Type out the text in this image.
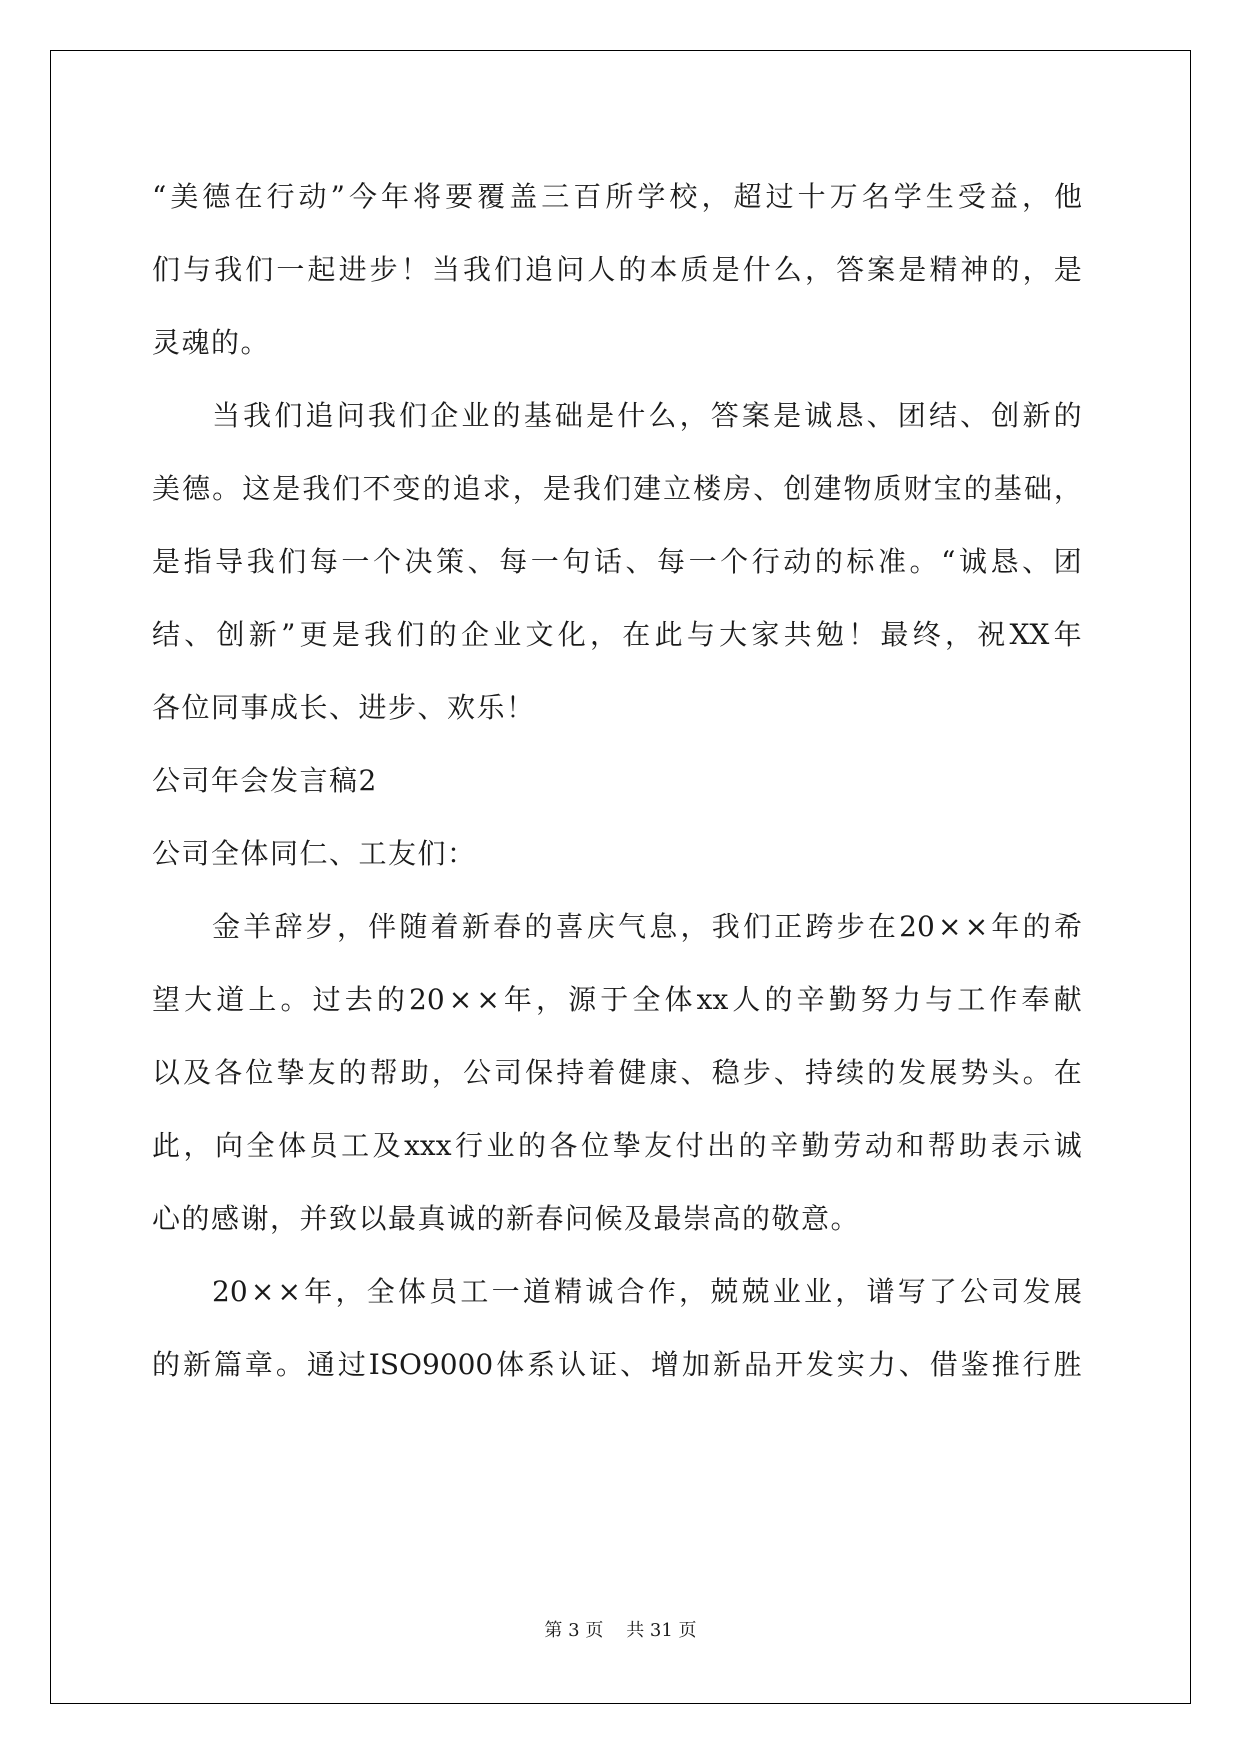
“ 美 德 在 行 动 ” 今 年 将 要 覆 盖 三 百 所 学 校 ， 超 过 十 万 名 学 生 受 益 ， 他
们 与 我 们 一 起 进 步 ！ 当 我 们 追 问 人 的 本 质 是 什 么 ， 答 案 是 精 神 的 ， 是
灵魂的。
当 我 们 追 问 我 们 企 业 的 基 础 是 什 么 ， 答 案 是 诚 恳 、 团 结 、 创 新 的
美 德 。 这 是 我 们 不 变 的 追 求 ， 是 我 们 建 立 楼 房 、 创 建 物 质 财 宝 的 基 础 ，
是 指 导 我 们 每 一 个 决 策 、 每 一 句 话 、 每 一 个 行 动 的 标 准 。 “ 诚 恳 、 团
结 、 创 新 ” 更 是 我 们 的 企 业 文 化 ， 在 此 与 大 家 共 勉 ！ 最 终 ， 祝 XX 年
各位同事成长、进步、欢乐！
公司年会发言稿2
公司全体同仁、工友们：
金 羊 辞 岁 ， 伴 随 着 新 春 的 喜 庆 气 息 ， 我 们 正 跨 步 在 20 × × 年 的 希
望 大 道 上 。 过 去 的 20 × × 年 ， 源 于 全 体 xx 人 的 辛 勤 努 力 与 工 作 奉 献
以 及 各 位 挚 友 的 帮 助 ， 公 司 保 持 着 健 康 、 稳 步 、 持 续 的 发 展 势 头 。 在
此 ， 向 全 体 员 工 及 xxx 行 业 的 各 位 挚 友 付 出 的 辛 勤 劳 动 和 帮 助 表 示 诚
心的感谢，并致以最真诚的新春问候及最崇高的敬意。
20 × × 年 ， 全 体 员 工 一 道 精 诚 合 作 ， 兢 兢 业 业 ， 谱 写 了 公 司 发 展
的 新 篇 章 。 通 过 ISO9000 体 系 认 证 、 增 加 新 品 开 发 实 力 、 借 鉴 推 行 胜
第 3 页    共 31 页
